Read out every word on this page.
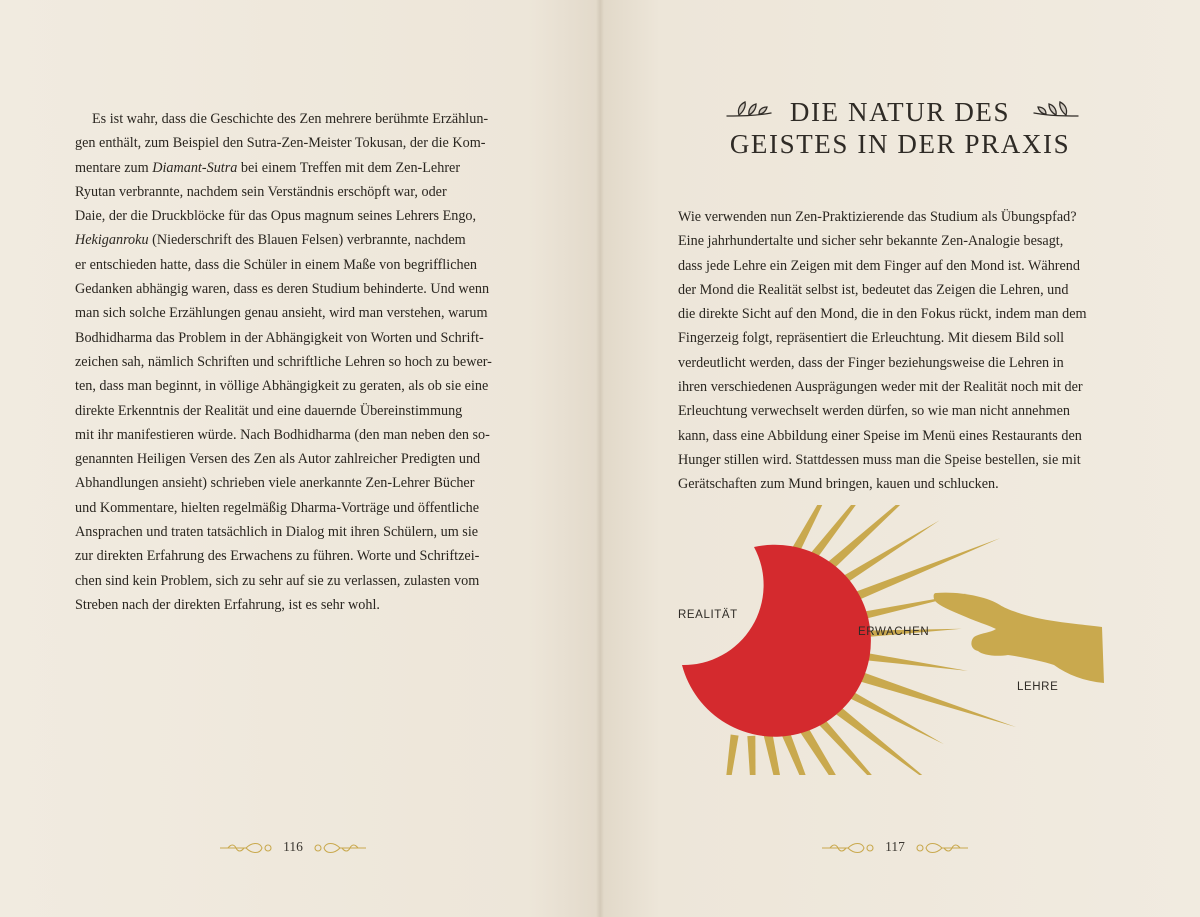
Es ist wahr, dass die Geschichte des Zen mehrere berühmte Erzählun-

gen enthält, zum Beispiel den Sutra-Zen-Meister Tokusan, der die Kom-

mentare zum Diamant-Sutra bei einem Treffen mit dem Zen-Lehrer

Ryutan verbrannte, nachdem sein Verständnis erschöpft war, oder

Daie, der die Druckblöcke für das Opus magnum seines Lehrers Engo,

Hekiganroku (Niederschrift des Blauen Felsen) verbrannte, nachdem

er entschieden hatte, dass die Schüler in einem Maße von begrifflichen

Gedanken abhängig waren, dass es deren Studium behinderte. Und wenn

man sich solche Erzählungen genau ansieht, wird man verstehen, warum

Bodhidharma das Problem in der Abhängigkeit von Worten und Schrift-

zeichen sah, nämlich Schriften und schriftliche Lehren so hoch zu bewer-

ten, dass man beginnt, in völlige Abhängigkeit zu geraten, als ob sie eine

direkte Erkenntnis der Realität und eine dauernde Übereinstimmung

mit ihr manifestieren würde. Nach Bodhidharma (den man neben den so-

genannten Heiligen Versen des Zen als Autor zahlreicher Predigten und

Abhandlungen ansieht) schrieben viele anerkannte Zen-Lehrer Bücher

und Kommentare, hielten regelmäßig Dharma-Vorträge und öffentliche

Ansprachen und traten tatsächlich in Dialog mit ihren Schülern, um sie

zur direkten Erfahrung des Erwachens zu führen. Worte und Schriftzei-

chen sind kein Problem, sich zu sehr auf sie zu verlassen, zulasten vom

Streben nach der direkten Erfahrung, ist es sehr wohl.

116
DIE NATUR DES
GEISTES IN DER PRAXIS

Wie verwenden nun Zen-Praktizierende das Studium als Übungspfad?

Eine jahrhundertalte und sicher sehr bekannte Zen-Analogie besagt,

dass jede Lehre ein Zeigen mit dem Finger auf den Mond ist. Während

der Mond die Realität selbst ist, bedeutet das Zeigen die Lehren, und

die direkte Sicht auf den Mond, die in den Fokus rückt, indem man dem

Fingerzeig folgt, repräsentiert die Erleuchtung. Mit diesem Bild soll

verdeutlicht werden, dass der Finger beziehungsweise die Lehren in

ihren verschiedenen Ausprägungen weder mit der Realität noch mit der

Erleuchtung verwechselt werden dürfen, so wie man nicht annehmen

kann, dass eine Abbildung einer Speise im Menü eines Restaurants den

Hunger stillen wird. Stattdessen muss man die Speise bestellen, sie mit

Gerätschaften zum Mund bringen, kauen und schlucken.

117
REALITÄT
ERWACHEN
LEHRE
